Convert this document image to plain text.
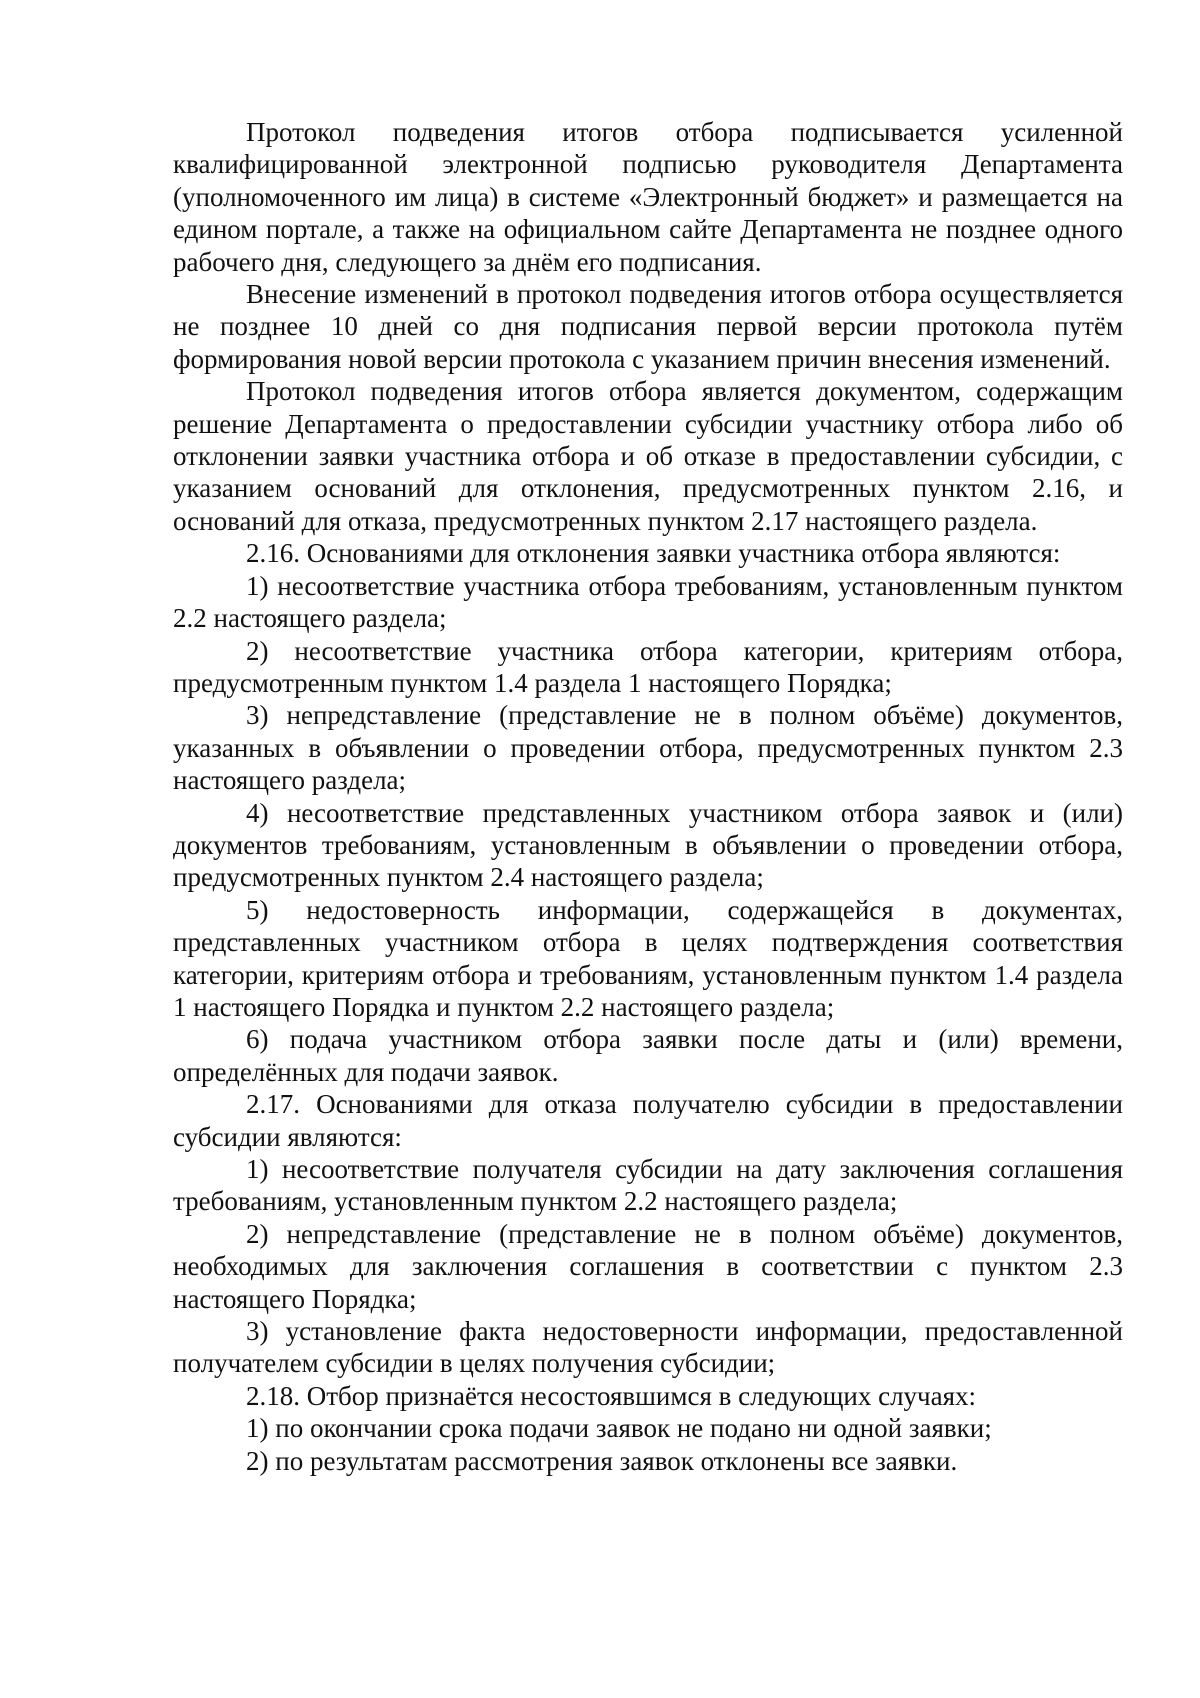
Протокол подведения итогов отбора подписывается усиленной квалифицированной электронной подписью руководителя Департамента (уполномоченного им лица) в системе «Электронный бюджет» и размещается на едином портале, а также на официальном сайте Департамента не позднее одного рабочего дня, следующего за днём его подписания.

Внесение изменений в протокол подведения итогов отбора осуществляется не позднее 10 дней со дня подписания первой версии протокола путём формирования новой версии протокола с указанием причин внесения изменений.

Протокол подведения итогов отбора является документом, содержащим решение Департамента о предоставлении субсидии участнику отбора либо об отклонении заявки участника отбора и об отказе в предоставлении субсидии, с указанием оснований для отклонения, предусмотренных пунктом 2.16, и оснований для отказа, предусмотренных пунктом 2.17 настоящего раздела.

2.16. Основаниями для отклонения заявки участника отбора являются:

1) несоответствие участника отбора требованиям, установленным пунктом 2.2 настоящего раздела;

2) несоответствие участника отбора категории, критериям отбора, предусмотренным пунктом 1.4 раздела 1 настоящего Порядка;

3) непредставление (представление не в полном объёме) документов, указанных в объявлении о проведении отбора, предусмотренных пунктом 2.3 настоящего раздела;

4) несоответствие представленных участником отбора заявок и (или) документов требованиям, установленным в объявлении о проведении отбора, предусмотренных пунктом 2.4 настоящего раздела;

5) недостоверность информации, содержащейся в документах, представленных участником отбора в целях подтверждения соответствия категории, критериям отбора и требованиям, установленным пунктом 1.4 раздела 1 настоящего Порядка и пунктом 2.2 настоящего раздела;

6) подача участником отбора заявки после даты и (или) времени, определённых для подачи заявок.

2.17. Основаниями для отказа получателю субсидии в предоставлении субсидии являются:

1) несоответствие получателя субсидии на дату заключения соглашения требованиям, установленным пунктом 2.2 настоящего раздела;

2) непредставление (представление не в полном объёме) документов, необходимых для заключения соглашения в соответствии с пунктом 2.3 настоящего Порядка;

3) установление факта недостоверности информации, предоставленной получателем субсидии в целях получения субсидии;

2.18. Отбор признаётся несостоявшимся в следующих случаях:

1) по окончании срока подачи заявок не подано ни одной заявки;

2) по результатам рассмотрения заявок отклонены все заявки.
